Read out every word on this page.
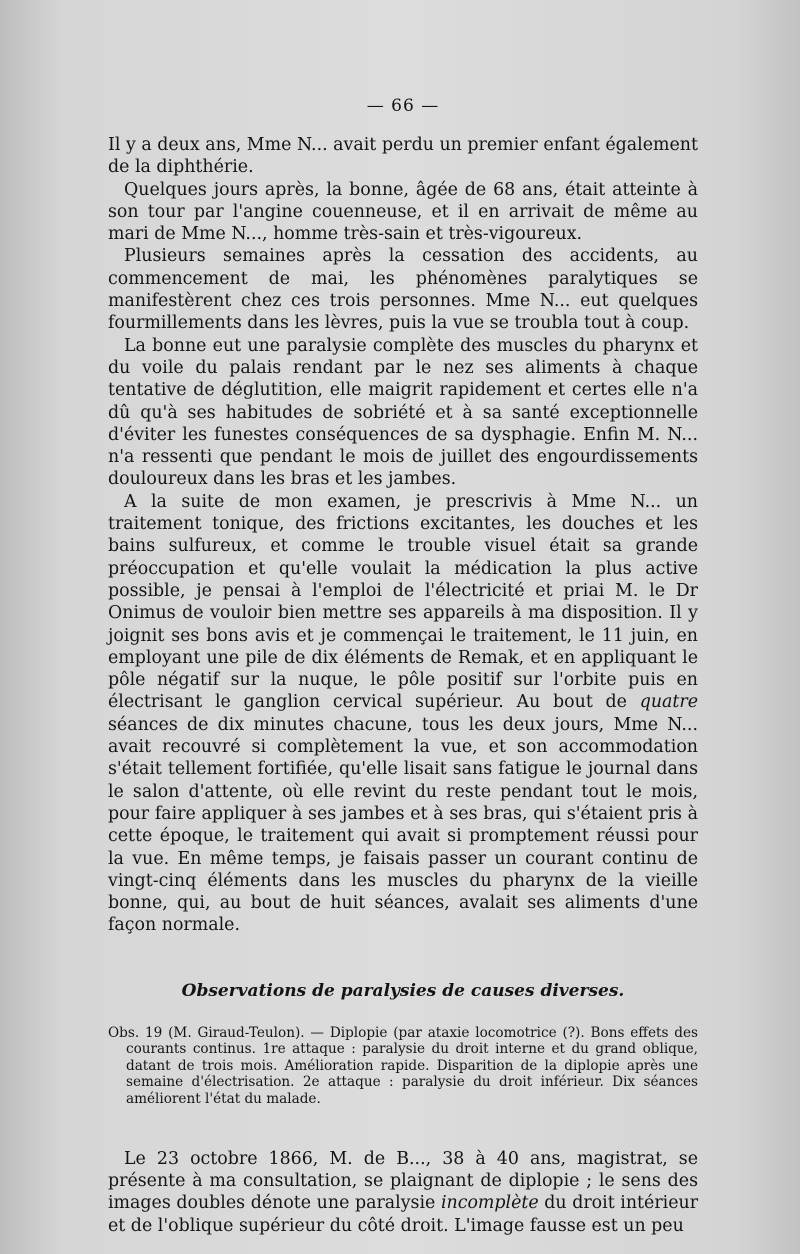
— 66 —

Il y a deux ans, Mme N... avait perdu un premier enfant également de la diphthérie.

Quelques jours après, la bonne, âgée de 68 ans, était atteinte à son tour par l'angine couenneuse, et il en arrivait de même au mari de Mme N..., homme très-sain et très-vigoureux.

Plusieurs semaines après la cessation des accidents, au commencement de mai, les phénomènes paralytiques se manifestèrent chez ces trois personnes. Mme N... eut quelques fourmillements dans les lèvres, puis la vue se troubla tout à coup.

La bonne eut une paralysie complète des muscles du pharynx et du voile du palais rendant par le nez ses aliments à chaque tentative de déglutition, elle maigrit rapidement et certes elle n'a dû qu'à ses habitudes de sobriété et à sa santé exceptionnelle d'éviter les funestes conséquences de sa dysphagie. Enfin M. N... n'a ressenti que pendant le mois de juillet des engourdissements douloureux dans les bras et les jambes.

A la suite de mon examen, je prescrivis à Mme N... un traitement tonique, des frictions excitantes, les douches et les bains sulfureux, et comme le trouble visuel était sa grande préoccupation et qu'elle voulait la médication la plus active possible, je pensai à l'emploi de l'électricité et priai M. le Dr Onimus de vouloir bien mettre ses appareils à ma disposition. Il y joignit ses bons avis et je commençai le traitement, le 11 juin, en employant une pile de dix éléments de Remak, et en appliquant le pôle négatif sur la nuque, le pôle positif sur l'orbite puis en électrisant le ganglion cervical supérieur. Au bout de quatre séances de dix minutes chacune, tous les deux jours, Mme N... avait recouvré si complètement la vue, et son accommodation s'était tellement fortifiée, qu'elle lisait sans fatigue le journal dans le salon d'attente, où elle revint du reste pendant tout le mois, pour faire appliquer à ses jambes et à ses bras, qui s'étaient pris à cette époque, le traitement qui avait si promptement réussi pour la vue. En même temps, je faisais passer un courant continu de vingt-cinq éléments dans les muscles du pharynx de la vieille bonne, qui, au bout de huit séances, avalait ses aliments d'une façon normale.

Observations de paralysies de causes diverses.

Obs. 19 (M. Giraud-Teulon). — Diplopie (par ataxie locomotrice (?). Bons effets des courants continus. 1re attaque : paralysie du droit interne et du grand oblique, datant de trois mois. Amélioration rapide. Disparition de la diplopie après une semaine d'électrisation. 2e attaque : paralysie du droit inférieur. Dix séances améliorent l'état du malade.

Le 23 octobre 1866, M. de B..., 38 à 40 ans, magistrat, se présente à ma consultation, se plaignant de diplopie ; le sens des images doubles dénote une paralysie incomplète du droit intérieur et de l'oblique supérieur du côté droit. L'image fausse est un peu
